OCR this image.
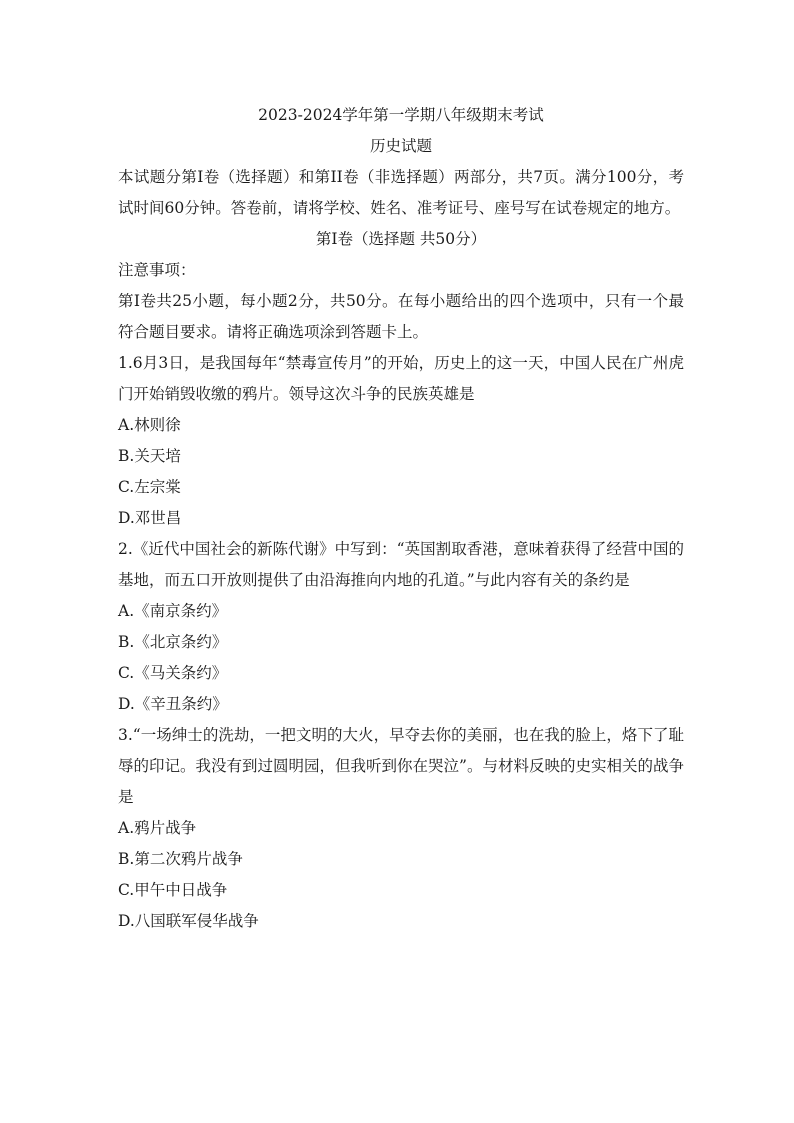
2023-2024学年第一学期八年级期末考试

历史试题

本试题分第Ⅰ卷（选择题）和第II卷（非选择题）两部分，共7页。满分100分，考试时间60分钟。答卷前，请将学校、姓名、准考证号、座号写在试卷规定的地方。

第Ⅰ卷（选择题 共50分）

注意事项：

第Ⅰ卷共25小题，每小题2分，共50分。在每小题给出的四个选项中，只有一个最符合题目要求。请将正确选项涂到答题卡上。

1.6月3日，是我国每年“禁毒宣传月”的开始，历史上的这一天，中国人民在广州虎门开始销毁收缴的鸦片。领导这次斗争的民族英雄是

A.林则徐

B.关天培

C.左宗棠

D.邓世昌

2.《近代中国社会的新陈代谢》中写到：“英国割取香港，意味着获得了经营中国的基地，而五口开放则提供了由沿海推向内地的孔道。”与此内容有关的条约是

A.《南京条约》

B.《北京条约》

C.《马关条约》

D.《辛丑条约》

3.“一场绅士的洗劫，一把文明的大火，早夺去你的美丽，也在我的脸上，烙下了耻辱的印记。我没有到过圆明园，但我听到你在哭泣”。与材料反映的史实相关的战争是

A.鸦片战争

B.第二次鸦片战争

C.甲午中日战争

D.八国联军侵华战争
